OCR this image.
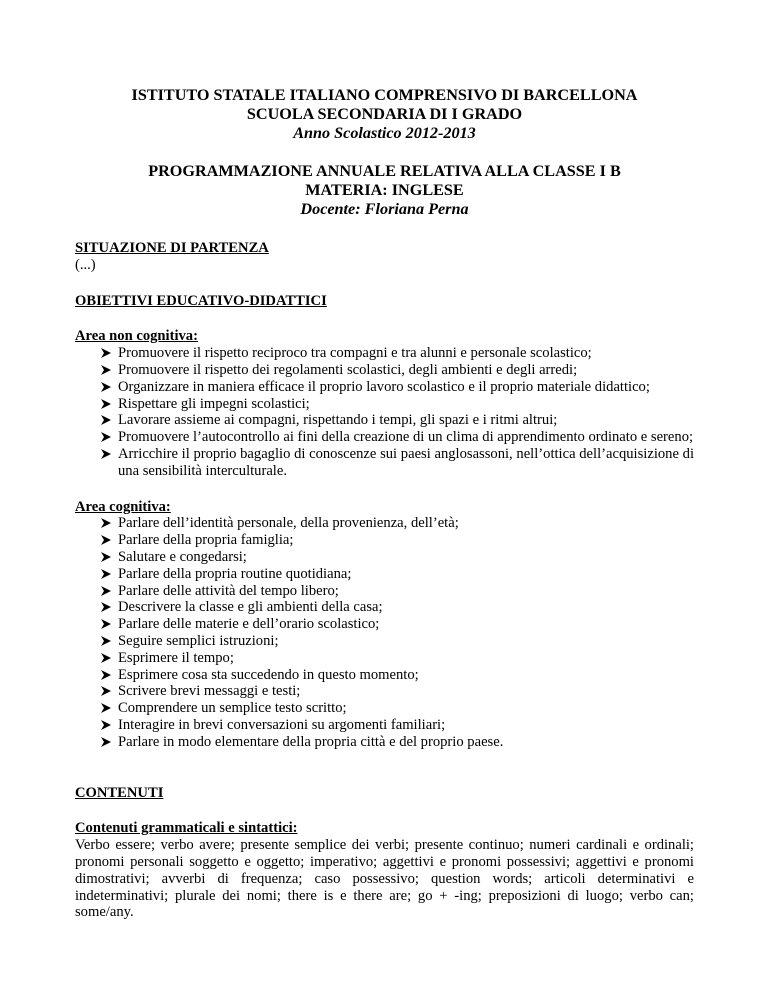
ISTITUTO STATALE ITALIANO COMPRENSIVO DI BARCELLONA
SCUOLA SECONDARIA DI I GRADO
Anno Scolastico 2012-2013
PROGRAMMAZIONE ANNUALE RELATIVA ALLA CLASSE I B
MATERIA: INGLESE
Docente: Floriana Perna
SITUAZIONE DI PARTENZA
(...)
OBIETTIVI EDUCATIVO-DIDATTICI
Area non cognitiva:
Promuovere il rispetto reciproco tra compagni e tra alunni e personale scolastico;
Promuovere il rispetto dei regolamenti scolastici, degli ambienti e degli arredi;
Organizzare in maniera efficace il proprio lavoro scolastico e il proprio materiale didattico;
Rispettare gli impegni scolastici;
Lavorare assieme ai compagni, rispettando i tempi, gli spazi e i ritmi altrui;
Promuovere l’autocontrollo ai fini della creazione di un clima di apprendimento ordinato e sereno;
Arricchire il proprio bagaglio di conoscenze sui paesi anglosassoni, nell’ottica dell’acquisizione di una sensibilità interculturale.
Area cognitiva:
Parlare dell’identità personale, della provenienza, dell’età;
Parlare della propria famiglia;
Salutare e congedarsi;
Parlare della propria routine quotidiana;
Parlare delle attività del tempo libero;
Descrivere la classe e gli ambienti della casa;
Parlare delle materie e dell’orario scolastico;
Seguire semplici istruzioni;
Esprimere il tempo;
Esprimere cosa sta succedendo in questo momento;
Scrivere brevi messaggi e testi;
Comprendere un semplice testo scritto;
Interagire in brevi conversazioni su argomenti familiari;
Parlare in modo elementare della propria città e del proprio paese.
CONTENUTI
Contenuti grammaticali e sintattici:
Verbo essere; verbo avere; presente semplice dei verbi; presente continuo; numeri cardinali e ordinali; pronomi personali soggetto e oggetto; imperativo; aggettivi e pronomi possessivi; aggettivi e pronomi dimostrativi; avverbi di frequenza; caso possessivo; question words; articoli determinativi e indeterminativi; plurale dei nomi; there is e there are; go + -ing; preposizioni di luogo; verbo can; some/any.
